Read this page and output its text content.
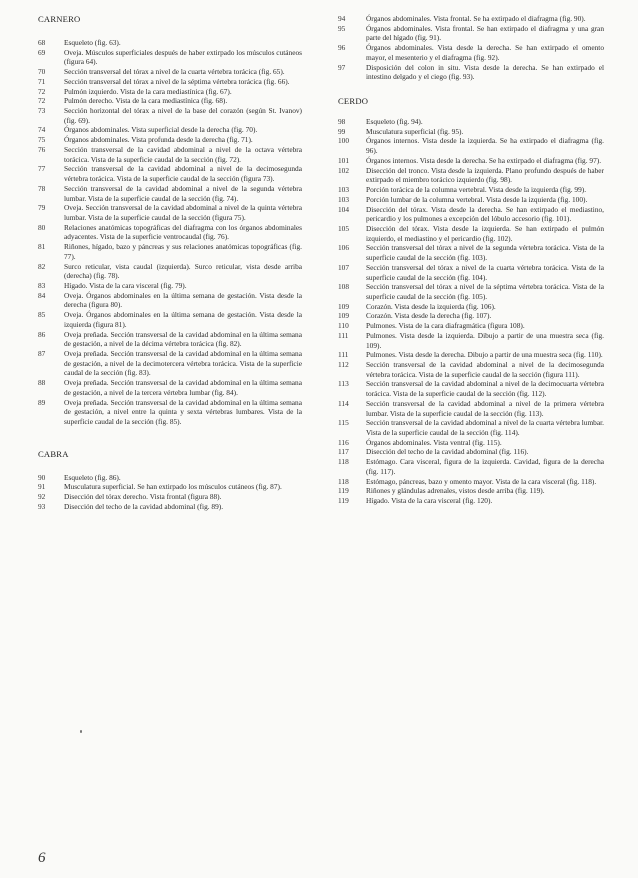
CARNERO
68	Esqueleto (fig. 63).
69	Oveja. Músculos superficiales después de haber extirpado los músculos cutáneos (figura 64).
70	Sección transversal del tórax a nivel de la cuarta vértebra torácica (fig. 65).
71	Sección transversal del tórax a nivel de la séptima vértebra torácica (fig. 66).
72	Pulmón izquierdo. Vista de la cara mediastínica (fig. 67).
72	Pulmón derecho. Vista de la cara mediastínica (fig. 68).
73	Sección horizontal del tórax a nivel de la base del corazón (según St. Ivanov) (fig. 69).
74	Órganos abdominales. Vista superficial desde la derecha (fig. 70).
75	Órganos abdominales. Vista profunda desde la derecha (fig. 71).
76	Sección transversal de la cavidad abdominal a nivel de la octava vértebra torácica. Vista de la superficie caudal de la sección (fig. 72).
77	Sección transversal de la cavidad abdominal a nivel de la decimosegunda vértebra torácica. Vista de la superficie caudal de la sección (figura 73).
78	Sección transversal de la cavidad abdominal a nivel de la segunda vértebra lumbar. Vista de la superficie caudal de la sección (fig. 74).
79	Oveja. Sección transversal de la cavidad abdominal a nivel de la quinta vértebra lumbar. Vista de la superficie caudal de la sección (figura 75).
80	Relaciones anatómicas topográficas del diafragma con los órganos abdominales adyacentes. Vista de la superficie ventrocaudal (fig. 76).
81	Riñones, hígado, bazo y páncreas y sus relaciones anatómicas topográficas (fig. 77).
82	Surco reticular, vista caudal (izquierda). Surco reticular, vista desde arriba (derecha) (fig. 78).
83	Hígado. Vista de la cara visceral (fig. 79).
84	Oveja. Órganos abdominales en la última semana de gestación. Vista desde la derecha (figura 80).
85	Oveja. Órganos abdominales en la última semana de gestación. Vista desde la izquierda (figura 81).
86	Oveja preñada. Sección transversal de la cavidad abdominal en la última semana de gestación, a nivel de la décima vértebra torácica (fig. 82).
87	Oveja preñada. Sección transversal de la cavidad abdominal en la última semana de gestación, a nivel de la decimotercera vértebra torácica. Vista de la superficie caudal de la sección (fig. 83).
88	Oveja preñada. Sección transversal de la cavidad abdominal en la última semana de gestación, a nivel de la tercera vértebra lumbar (fig. 84).
89	Oveja preñada. Sección transversal de la cavidad abdominal en la última semana de gestación, a nivel entre la quinta y sexta vértebras lumbares. Vista de la superficie caudal de la sección (fig. 85).
CABRA
90	Esqueleto (fig. 86).
91	Musculatura superficial. Se han extirpado los músculos cutáneos (fig. 87).
92	Disección del tórax derecho. Vista frontal (figura 88).
93	Disección del techo de la cavidad abdominal (fig. 89).
94	Órganos abdominales. Vista frontal. Se ha extirpado el diafragma (fig. 90).
95	Órganos abdominales. Vista frontal. Se han extirpado el diafragma y una gran parte del hígado (fig. 91).
96	Órganos abdominales. Vista desde la derecha. Se han extirpado el omento mayor, el mesenterio y el diafragma (fig. 92).
97	Disposición del colon in situ. Vista desde la derecha. Se han extirpado el intestino delgado y el ciego (fig. 93).
CERDO
98	Esqueleto (fig. 94).
99	Musculatura superficial (fig. 95).
100	Órganos internos. Vista desde la izquierda. Se ha extirpado el diafragma (fig. 96).
101	Órganos internos. Vista desde la derecha. Se ha extirpado el diafragma (fig. 97).
102	Disección del tronco. Vista desde la izquierda. Plano profundo después de haber extirpado el miembro torácico izquierdo (fig. 98).
103	Porción torácica de la columna vertebral. Vista desde la izquierda (fig. 99).
103	Porción lumbar de la columna vertebral. Vista desde la izquierda (fig. 100).
104	Disección del tórax. Vista desde la derecha. Se han extirpado el mediastino, pericardio y los pulmones a excepción del lóbulo accesorio (fig. 101).
105	Disección del tórax. Vista desde la izquierda. Se han extirpado el pulmón izquierdo, el mediastino y el pericardio (fig. 102).
106	Sección transversal del tórax a nivel de la segunda vértebra torácica. Vista de la superficie caudal de la sección (fig. 103).
107	Sección transversal del tórax a nivel de la cuarta vértebra torácica. Vista de la superficie caudal de la sección (fig. 104).
108	Sección transversal del tórax a nivel de la séptima vértebra torácica. Vista de la superficie caudal de la sección (fig. 105).
109	Corazón. Vista desde la izquierda (fig. 106).
109	Corazón. Vista desde la derecha (fig. 107).
110	Pulmones. Vista de la cara diafragmática (figura 108).
111	Pulmones. Vista desde la izquierda. Dibujo a partir de una muestra seca (fig. 109).
111	Pulmones. Vista desde la derecha. Dibujo a partir de una muestra seca (fig. 110).
112	Sección transversal de la cavidad abdominal a nivel de la decimosegunda vértebra torácica. Vista de la superficie caudal de la sección (figura 111).
113	Sección transversal de la cavidad abdominal a nivel de la decimocuarta vértebra torácica. Vista de la superficie caudal de la sección (fig. 112).
114	Sección transversal de la cavidad abdominal a nivel de la primera vértebra lumbar. Vista de la superficie caudal de la sección (fig. 113).
115	Sección transversal de la cavidad abdominal a nivel de la cuarta vértebra lumbar. Vista de la superficie caudal de la sección (fig. 114).
116	Órganos abdominales. Vista ventral (fig. 115).
117	Disección del techo de la cavidad abdominal (fig. 116).
118	Estómago. Cara visceral, figura de la izquierda. Cavidad, figura de la derecha (fig. 117).
118	Estómago, páncreas, bazo y omento mayor. Vista de la cara visceral (fig. 118).
119	Riñones y glándulas adrenales, vistos desde arriba (fig. 119).
119	Hígado. Vista de la cara visceral (fig. 120).
6
